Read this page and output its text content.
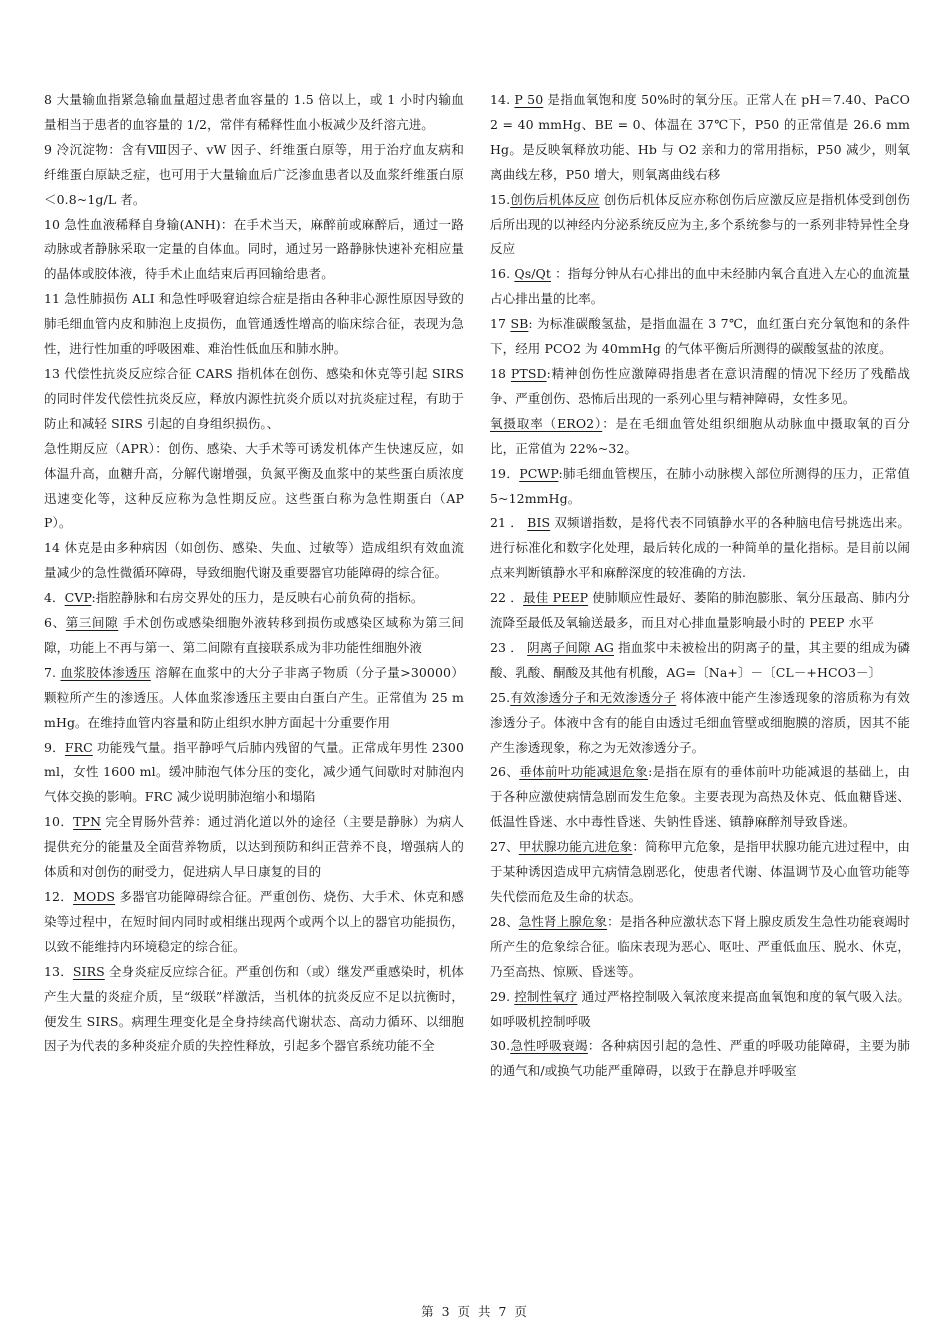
8 大量输血指紧急输血量超过患者血容量的 1.5 倍以上，或 1 小时内输血量相当于患者的血容量的 1/2，常伴有稀释性血小板减少及纤溶亢进。

9 冷沉淀物：含有Ⅷ因子、vW 因子、纤维蛋白原等，用于治疗血友病和纤维蛋白原缺乏症，也可用于大量输血后广泛渗血患者以及血浆纤维蛋白原＜0.8~1g/L 者。

10 急性血液稀释自身输(ANH)：在手术当天，麻醉前或麻醉后，通过一路动脉或者静脉采取一定量的自体血。同时，通过另一路静脉快速补充相应量的晶体或胶体液，待手术止血结束后再回输给患者。

11 急性肺损伤 ALI 和急性呼吸窘迫综合症是指由各种非心源性原因导致的肺毛细血管内皮和肺泡上皮损伤，血管通透性增高的临床综合征，表现为急性，进行性加重的呼吸困难、难治性低血压和肺水肿。

13 代偿性抗炎反应综合征 CARS 指机体在创伤、感染和休克等引起 SIRS 的同时伴发代偿性抗炎反应，释放内源性抗炎介质以对抗炎症过程，有助于防止和减轻 SIRS 引起的自身组织损伤。、

急性期反应（APR）：创伤、感染、大手术等可诱发机体产生快速反应，如体温升高，血糖升高，分解代谢增强，负氮平衡及血浆中的某些蛋白质浓度迅速变化等，这种反应称为急性期反应。这些蛋白称为急性期蛋白（APP）。

14 休克是由多种病因（如创伤、感染、失血、过敏等）造成组织有效血流量减少的急性微循环障碍，导致细胞代谢及重要器官功能障碍的综合征。

4．CVP:指腔静脉和右房交界处的压力，是反映右心前负荷的指标。

6、第三间隙 手术创伤或感染细胞外液转移到损伤或感染区域称为第三间隙，功能上不再与第一、第二间隙有直接联系成为非功能性细胞外液

7. 血浆胶体渗透压 溶解在血浆中的大分子非离子物质（分子量>30000）颗粒所产生的渗透压。人体血浆渗透压主要由白蛋白产生。正常值为 25 mmHg。在维持血管内容量和防止组织水肿方面起十分重要作用

9．FRC 功能残气量。指平静呼气后肺内残留的气量。正常成年男性 2300 ml，女性 1600 ml。缓冲肺泡气体分压的变化，减少通气间歇时对肺泡内气体交换的影响。FRC 减少说明肺泡缩小和塌陷

10．TPN 完全胃肠外营养：通过消化道以外的途径（主要是静脉）为病人提供充分的能量及全面营养物质，以达到预防和纠正营养不良，增强病人的体质和对创伤的耐受力，促进病人早日康复的目的

12．MODS 多器官功能障碍综合征。严重创伤、烧伤、大手术、休克和感染等过程中，在短时间内同时或相继出现两个或两个以上的器官功能损伤，以致不能维持内环境稳定的综合征。

13．SIRS 全身炎症反应综合征。严重创伤和（或）继发严重感染时，机体产生大量的炎症介质，呈“级联”样激活，当机体的抗炎反应不足以抗衡时，便发生 SIRS。病理生理变化是全身持续高代谢状态、高动力循环、以细胞因子为代表的多种炎症介质的失控性释放，引起多个器官系统功能不全

14. P 50 是指血氧饱和度 50%时的氧分压。正常人在 pH＝7.40、PaCO2 = 40 mmHg、BE = 0、体温在 37℃下，P50 的正常值是 26.6 mmHg。是反映氧释放功能、Hb 与 O2 亲和力的常用指标，P50 减少，则氧离曲线左移，P50 增大，则氧离曲线右移

15.创伤后机体反应 创伤后机体反应亦称创伤后应激反应是指机体受到创伤后所出现的以神经内分泌系统反应为主,多个系统参与的一系列非特异性全身反应

16. Qs/Qt ：指每分钟从右心排出的血中未经肺内氧合直进入左心的血流量占心排出量的比率。

17 SB: 为标准碳酸氢盐，是指血温在 3 7℃，血红蛋白充分氧饱和的条件下，经用 PCO2 为 40mmHg 的气体平衡后所测得的碳酸氢盐的浓度。

18 PTSD:精神创伤性应激障碍指患者在意识清醒的情况下经历了残酷战争、严重创伤、恐怖后出现的一系列心里与精神障碍，女性多见。

氧摄取率（ERO2）：是在毛细血管处组织细胞从动脉血中摄取氧的百分比，正常值为 22%~32。

19．PCWP:肺毛细血管楔压，在肺小动脉楔入部位所测得的压力，正常值 5~12mmHg。

21 ． BIS 双频谱指数，是将代表不同镇静水平的各种脑电信号挑选出来。进行标准化和数字化处理，最后转化成的一种简单的量化指标。是目前以闹点来判断镇静水平和麻醉深度的较准确的方法.

22 ．最佳 PEEP 使肺顺应性最好、萎陷的肺泡膨胀、氧分压最高、肺内分流降至最低及氧输送最多，而且对心排血量影响最小时的 PEEP 水平

23 ． 阴离子间隙 AG 指血浆中未被检出的阴离子的量，其主要的组成为磷酸、乳酸、酮酸及其他有机酸，AG=〔Na+〕－〔CL－+HCO3－〕

25.有效渗透分子和无效渗透分子 将体液中能产生渗透现象的溶质称为有效渗透分子。体液中含有的能自由透过毛细血管壁或细胞膜的溶质，因其不能产生渗透现象，称之为无效渗透分子。

26、垂体前叶功能减退危象:是指在原有的垂体前叶功能减退的基础上，由于各种应激使病情急剧而发生危象。主要表现为高热及休克、低血糖昏迷、低温性昏迷、水中毒性昏迷、失钠性昏迷、镇静麻醉剂导致昏迷。

27、甲状腺功能亢进危象：简称甲亢危象，是指甲状腺功能亢进过程中，由于某种诱因造成甲亢病情急剧恶化，使患者代谢、体温调节及心血管功能等失代偿而危及生命的状态。

28、急性肾上腺危象：是指各种应激状态下肾上腺皮质发生急性功能衰竭时所产生的危象综合征。临床表现为恶心、呕吐、严重低血压、脱水、休克，乃至高热、惊厥、昏迷等。

29. 控制性氧疗 通过严格控制吸入氧浓度来提高血氧饱和度的氧气吸入法。如呼吸机控制呼吸

30.急性呼吸衰竭：各种病因引起的急性、严重的呼吸功能障碍，主要为肺的通气和/或换气功能严重障碍，以致于在静息并呼吸室

第 3 页 共 7 页
